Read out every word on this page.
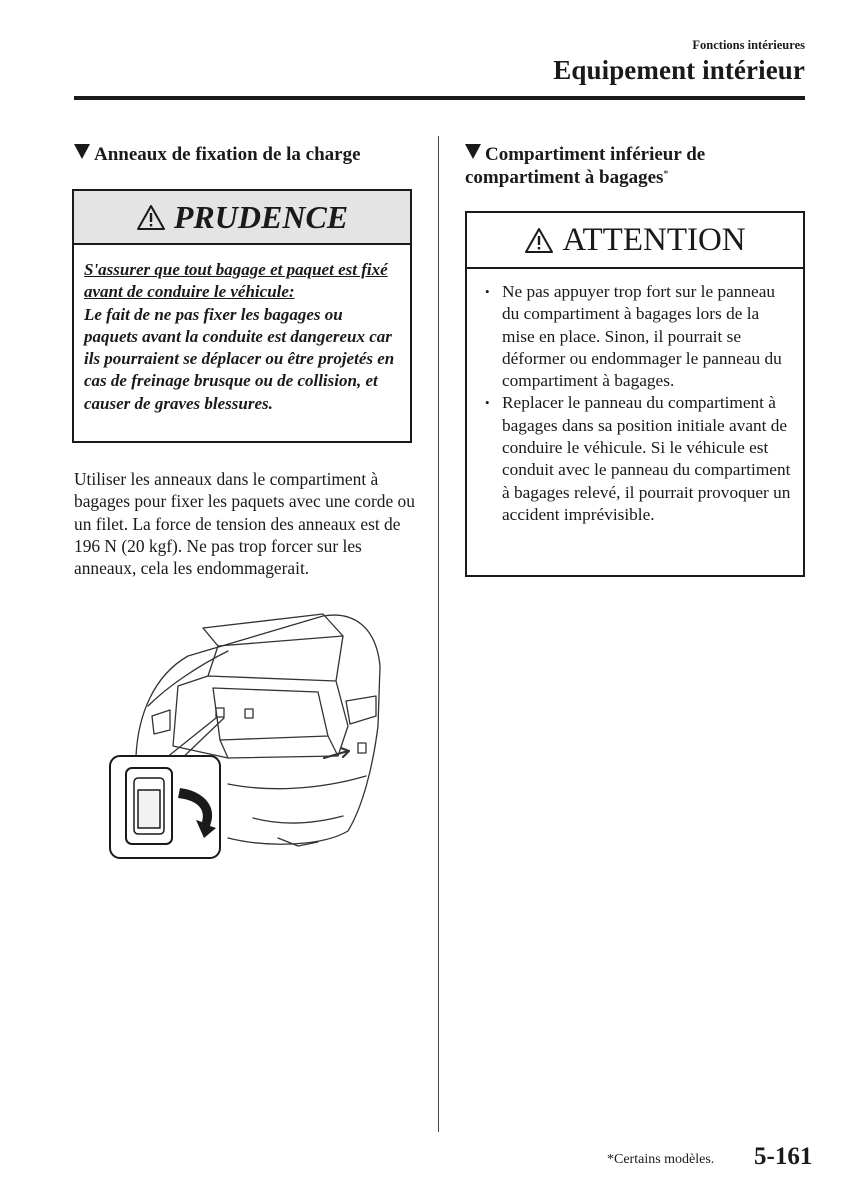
Fonctions intérieures
Equipement intérieur
Anneaux de fixation de la charge
PRUDENCE
S'assurer que tout bagage et paquet est fixé avant de conduire le véhicule:
Le fait de ne pas fixer les bagages ou paquets avant la conduite est dangereux car ils pourraient se déplacer ou être projetés en cas de freinage brusque ou de collision, et causer de graves blessures.
Utiliser les anneaux dans le compartiment à bagages pour fixer les paquets avec une corde ou un filet. La force de tension des anneaux est de 196 N (20 kgf). Ne pas trop forcer sur les anneaux, cela les endommagerait.
Compartiment inférieur de compartiment à bagages*
ATTENTION
• Ne pas appuyer trop fort sur le panneau du compartiment à bagages lors de la mise en place. Sinon, il pourrait se déformer ou endommager le panneau du compartiment à bagages.
• Replacer le panneau du compartiment à bagages dans sa position initiale avant de conduire le véhicule. Si le véhicule est conduit avec le panneau du compartiment à bagages relevé, il pourrait provoquer un accident imprévisible.
*Certains modèles. 5-161
